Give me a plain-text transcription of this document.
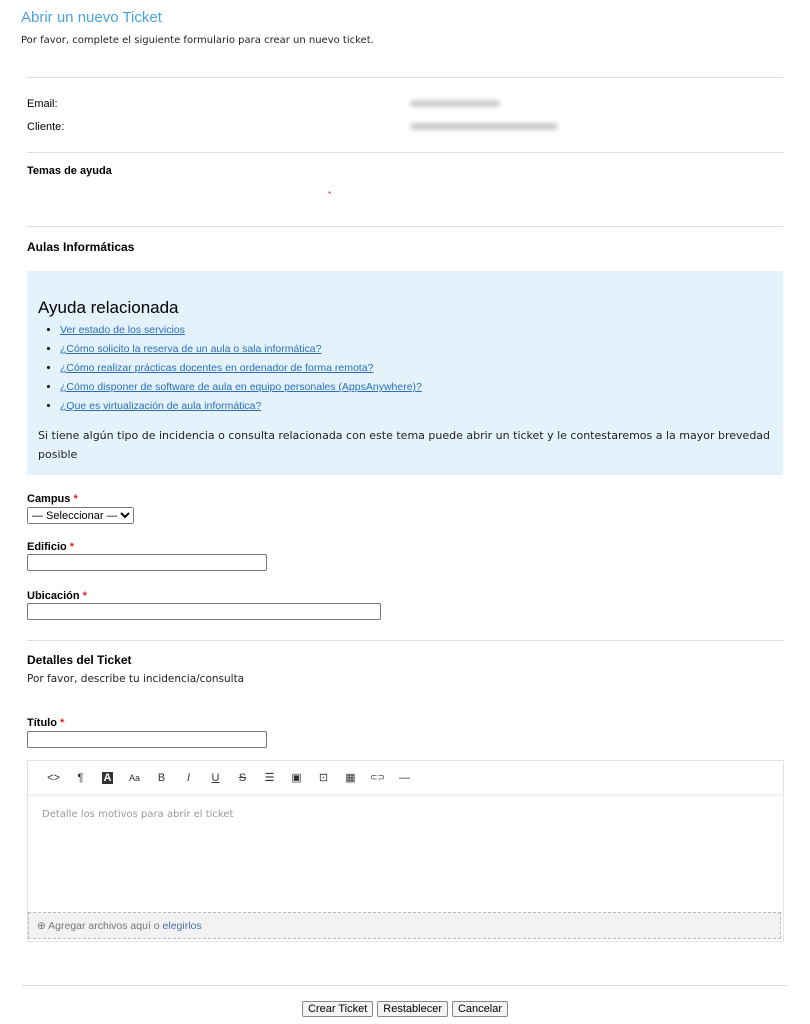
Abrir un nuevo Ticket
Por favor, complete el siguiente formulario para crear un nuevo ticket.
Email:
Cliente:
Temas de ayuda
*
Aulas Informáticas
Ayuda relacionada
• Ver estado de los servicios
• ¿Cómo solicito la reserva de un aula o sala informática?
• ¿Cómo realizar prácticas docentes en ordenador de forma remota?
• ¿Cómo disponer de software de aula en equipo personales (AppsAnywhere)?
• ¿Que es virtualización de aula informática?

Si tiene algún tipo de incidencia o consulta relacionada con este tema puede abrir un ticket y le contestaremos a la mayor brevedad posible

Campus *
— Seleccionar —
Edificio *
Ubicación *
Detalles del Ticket
Por favor, describe tu incidencia/consulta
Título *
<>	¶	A	Aa	B	I	U	S	☰	▣	⊡	▦	⊂⊃	—
Detalle los motivos para abrir el ticket
⊕ Agregar archivos aquí o elegirlos
Crear Ticket	Restablecer	Cancelar
